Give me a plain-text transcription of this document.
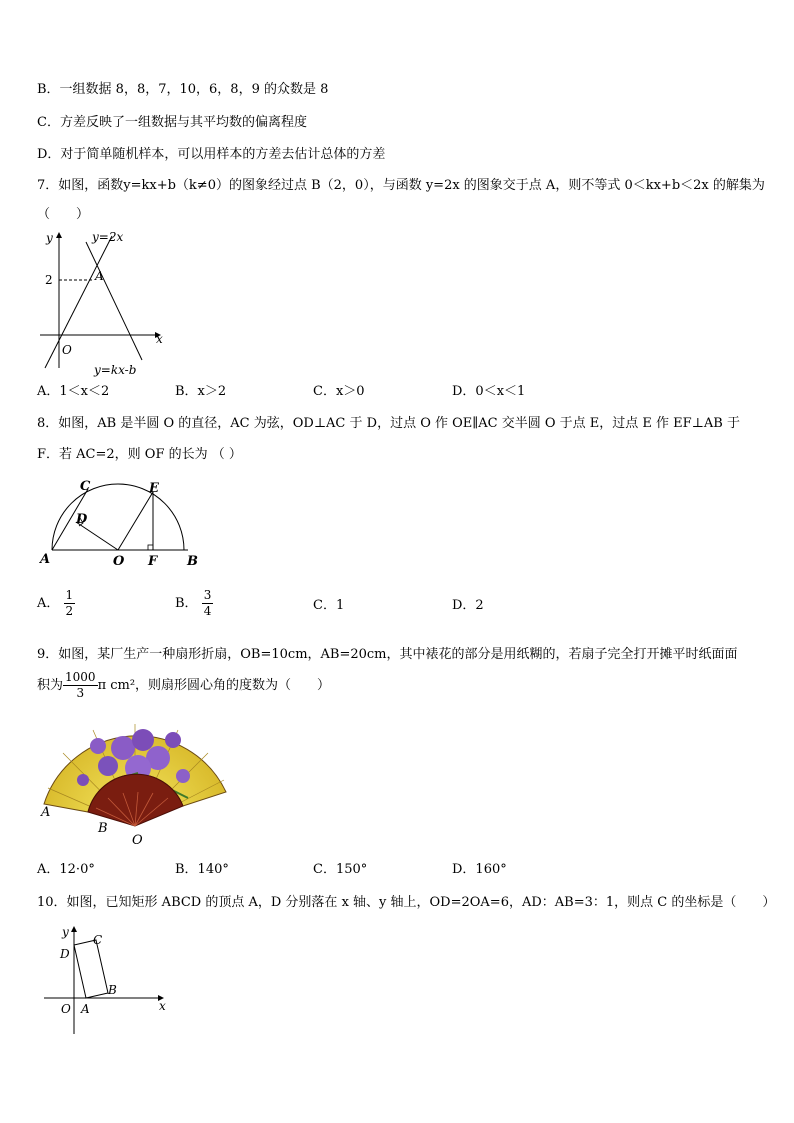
B．一组数据 8，8，7，10，6，8，9 的众数是 8
C．方差反映了一组数据与其平均数的偏离程度
D．对于简单随机样本，可以用样本的方差去估计总体的方差
7．如图，函数y=kx+b（k≠0）的图象经过点 B（2，0），与函数 y=2x 的图象交于点 A，则不等式 0＜kx+b＜2x 的解集为
（　　）
y	y=2x
2	A
x
O
y=kx-b
A．1＜x＜2	B．x＞2	C．x＞0	D．0＜x＜1
8．如图，AB 是半圆 O 的直径，AC 为弦，OD⊥AC 于 D，过点 O 作 OE∥AC 交半圆 O 于点 E，过点 E 作 EF⊥AB 于
F．若 AC=2，则 OF 的长为 （ ）
A
C
D
E
O F B
A． $\frac{1}{2}$	B． $\frac{3}{4}$	C．1	D．2
9．如图，某厂生产一种扇形折扇，OB=10cm，AB=20cm，其中裱花的部分是用纸糊的，若扇子完全打开摊平时纸面面
积为 $\frac{1000}{3}$ π cm²，则扇形圆心角的度数为（　　）
A
B
O
A．12·0°	B．140°	C．150°	D．160°
10．如图，已知矩形 ABCD 的顶点 A，D 分别落在 x 轴、y 轴上，OD=2OA=6，AD：AB=3：1，则点 C 的坐标是（　　）
y
C
D
B
x
O A
